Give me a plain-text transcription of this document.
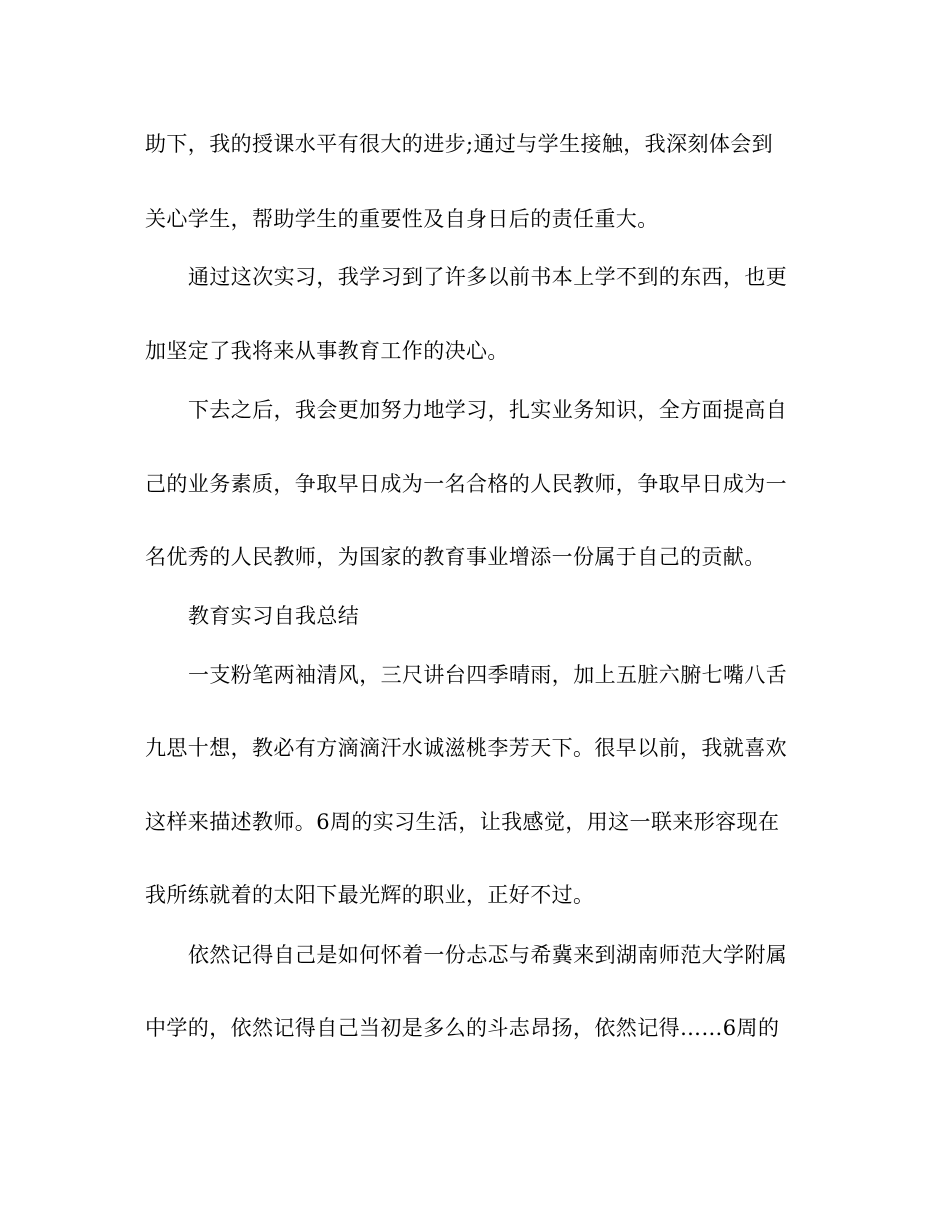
助下，我的授课水平有很大的进步;通过与学生接触，我深刻体会到
关心学生，帮助学生的重要性及自身日后的责任重大。
通过这次实习，我学习到了许多以前书本上学不到的东西，也更
加坚定了我将来从事教育工作的决心。
下去之后，我会更加努力地学习，扎实业务知识，全方面提高自
己的业务素质，争取早日成为一名合格的人民教师，争取早日成为一
名优秀的人民教师，为国家的教育事业增添一份属于自己的贡献。
教育实习自我总结
一支粉笔两袖清风，三尺讲台四季晴雨，加上五脏六腑七嘴八舌
九思十想，教必有方滴滴汗水诚滋桃李芳天下。很早以前，我就喜欢
这样来描述教师。6周的实习生活，让我感觉，用这一联来形容现在
我所练就着的太阳下最光辉的职业，正好不过。
依然记得自己是如何怀着一份忐忑与希冀来到湖南师范大学附属
中学的，依然记得自己当初是多么的斗志昂扬，依然记得……6周的
